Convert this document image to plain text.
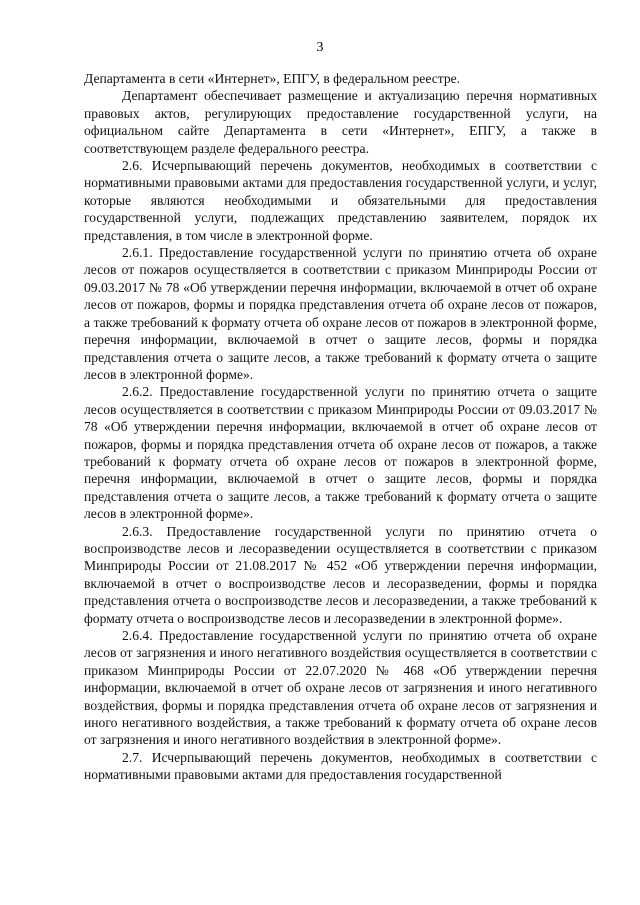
3

Департамента в сети «Интернет», ЕПГУ, в федеральном реестре.

Департамент обеспечивает размещение и актуализацию перечня нормативных правовых актов, регулирующих предоставление государственной услуги, на официальном сайте Департамента в сети «Интернет», ЕПГУ, а также в соответствующем разделе федерального реестра.

2.6. Исчерпывающий перечень документов, необходимых в соответствии с нормативными правовыми актами для предоставления государственной услуги, и услуг, которые являются необходимыми и обязательными для предоставления государственной услуги, подлежащих представлению заявителем, порядок их представления, в том числе в электронной форме.

2.6.1. Предоставление государственной услуги по принятию отчета об охране лесов от пожаров осуществляется в соответствии с приказом Минприроды России от 09.03.2017 № 78 «Об утверждении перечня информации, включаемой в отчет об охране лесов от пожаров, формы и порядка представления отчета об охране лесов от пожаров, а также требований к формату отчета об охране лесов от пожаров в электронной форме, перечня информации, включаемой в отчет о защите лесов, формы и порядка представления отчета о защите лесов, а также требований к формату отчета о защите лесов в электронной форме».

2.6.2. Предоставление государственной услуги по принятию отчета о защите лесов осуществляется в соответствии с приказом Минприроды России от 09.03.2017 № 78 «Об утверждении перечня информации, включаемой в отчет об охране лесов от пожаров, формы и порядка представления отчета об охране лесов от пожаров, а также требований к формату отчета об охране лесов от пожаров в электронной форме, перечня информации, включаемой в отчет о защите лесов, формы и порядка представления отчета о защите лесов, а также требований к формату отчета о защите лесов в электронной форме».

2.6.3. Предоставление государственной услуги по принятию отчета о воспроизводстве лесов и лесоразведении осуществляется в соответствии с приказом Минприроды России от 21.08.2017 № 452 «Об утверждении перечня информации, включаемой в отчет о воспроизводстве лесов и лесоразведении, формы и порядка представления отчета о воспроизводстве лесов и лесоразведении, а также требований к формату отчета о воспроизводстве лесов и лесоразведении в электронной форме».

2.6.4. Предоставление государственной услуги по принятию отчета об охране лесов от загрязнения и иного негативного воздействия осуществляется в соответствии с приказом Минприроды России от 22.07.2020 № 468 «Об утверждении перечня информации, включаемой в отчет об охране лесов от загрязнения и иного негативного воздействия, формы и порядка представления отчета об охране лесов от загрязнения и иного негативного воздействия, а также требований к формату отчета об охране лесов от загрязнения и иного негативного воздействия в электронной форме».

2.7. Исчерпывающий перечень документов, необходимых в соответствии с нормативными правовыми актами для предоставления государственной
